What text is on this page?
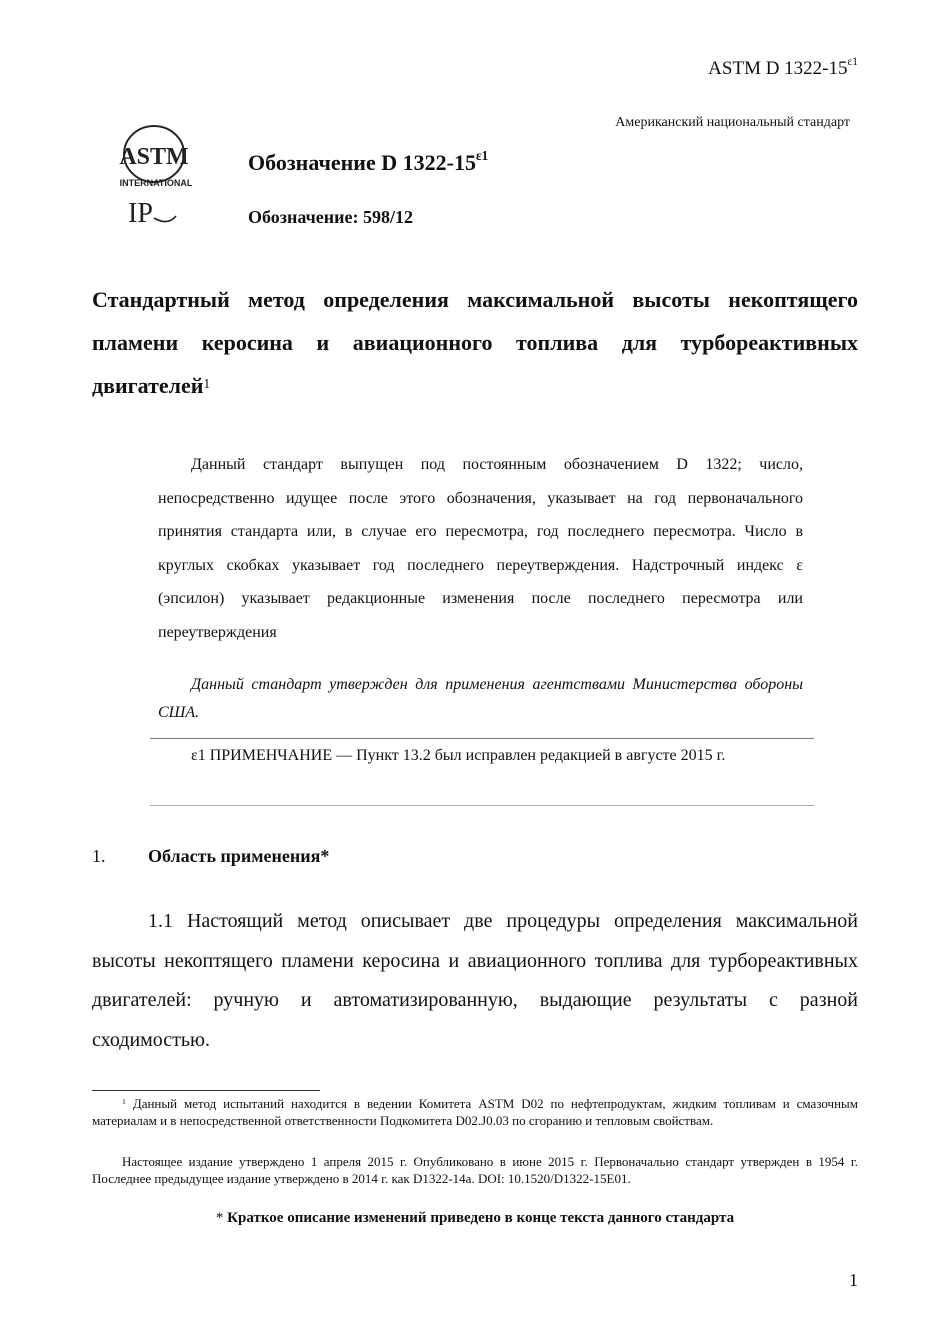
ASTM D $1322-15^{\varepsilon 1}$
Американский национальный стандарт
ASTM
INTERNATIONAL
IP
Обозначение D $1322-15^{\varepsilon 1}$
Обозначение: 598/12

Стандартный метод определения максимальной высоты некоптящего пламени керосина и авиационного топлива для турбореактивных двигателей$^1$

Данный стандарт выпущен под постоянным обозначением D 1322; число, непосредственно идущее после этого обозначения, указывает на год первоначального принятия стандарта или, в случае его пересмотра, год последнего пересмотра. Число в круглых скобках указывает год последнего переутверждения. Надстрочный индекс ε (эпсилон) указывает редакционные изменения после последнего пересмотра или переутверждения

Данный стандарт утвержден для применения агентствами Министерства обороны США.

ε1 ПРИМЕНЧАНИЕ — Пункт 13.2 был исправлен редакцией в августе 2015 г.

1. Область применения*

1.1 Настоящий метод описывает две процедуры определения максимальной высоты некоптящего пламени керосина и авиационного топлива для турбореактивных двигателей: ручную и автоматизированную, выдающие результаты с разной сходимостью.

$^1$ Данный метод испытаний находится в ведении Комитета ASTM D02 по нефтепродуктам, жидким топливам и смазочным материалам и в непосредственной ответственности Подкомитета D02.J0.03 по сгоранию и тепловым свойствам.

Настоящее издание утверждено 1 апреля 2015 г. Опубликовано в июне 2015 г. Первоначально стандарт утвержден в 1954 г. Последнее предыдущее издание утверждено в 2014 г. как D1322-14a. DOI: 10.1520/D1322-15E01.

* Краткое описание изменений приведено в конце текста данного стандарта
1
